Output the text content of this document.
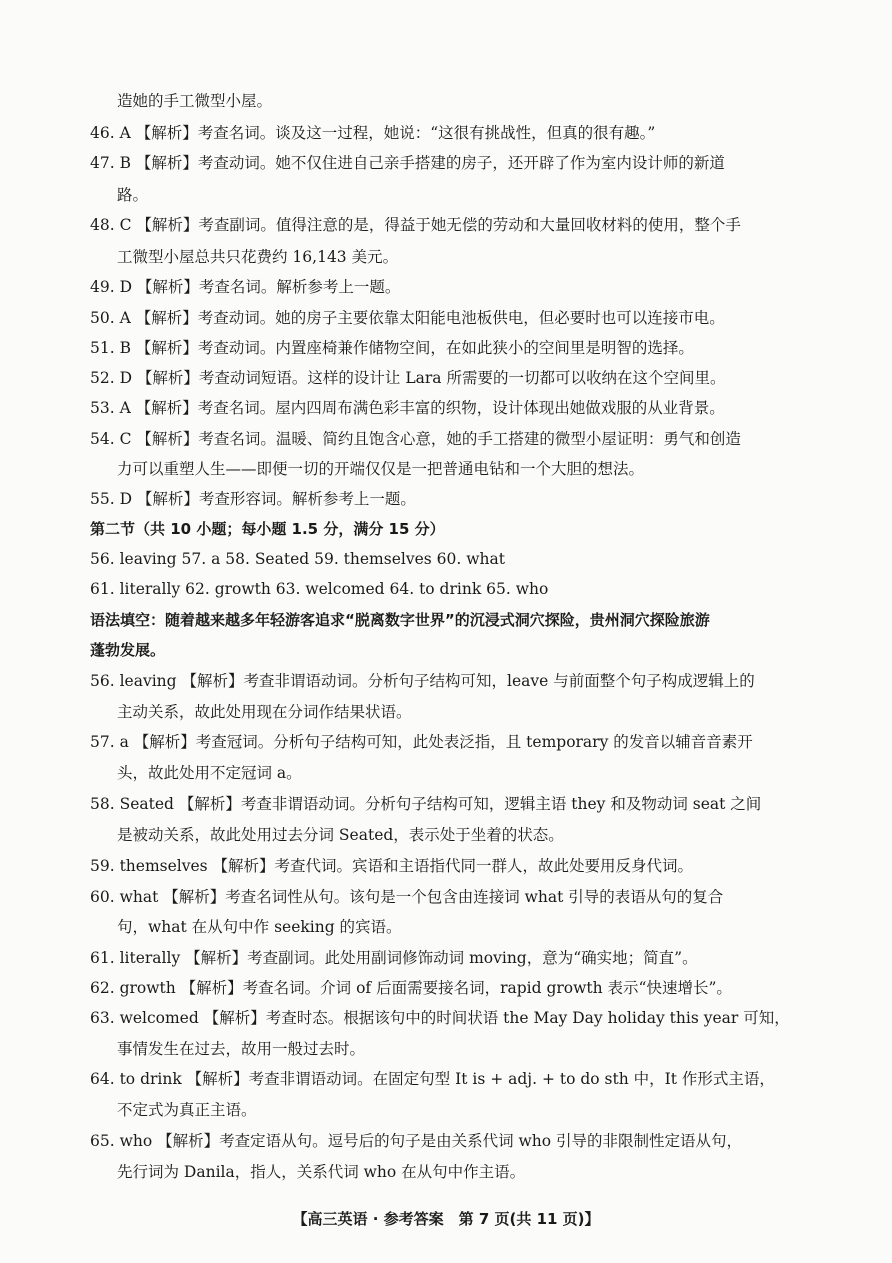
造她的手工微型小屋。
46. A 【解析】考查名词。谈及这一过程，她说：“这很有挑战性，但真的很有趣。”
47. B 【解析】考查动词。她不仅住进自己亲手搭建的房子，还开辟了作为室内设计师的新道
路。
48. C 【解析】考查副词。值得注意的是，得益于她无偿的劳动和大量回收材料的使用，整个手
工微型小屋总共只花费约 16,143 美元。
49. D 【解析】考查名词。解析参考上一题。
50. A 【解析】考查动词。她的房子主要依靠太阳能电池板供电，但必要时也可以连接市电。
51. B 【解析】考查动词。内置座椅兼作储物空间，在如此狭小的空间里是明智的选择。
52. D 【解析】考查动词短语。这样的设计让 Lara 所需要的一切都可以收纳在这个空间里。
53. A 【解析】考查名词。屋内四周布满色彩丰富的织物，设计体现出她做戏服的从业背景。
54. C 【解析】考查名词。温暖、简约且饱含心意，她的手工搭建的微型小屋证明：勇气和创造
力可以重塑人生——即便一切的开端仅仅是一把普通电钻和一个大胆的想法。
55. D 【解析】考查形容词。解析参考上一题。
第二节（共 10 小题；每小题 1.5 分，满分 15 分）
56. leaving 57. a 58. Seated 59. themselves 60. what
61. literally 62. growth 63. welcomed 64. to drink 65. who
语法填空：随着越来越多年轻游客追求“脱离数字世界”的沉浸式洞穴探险，贵州洞穴探险旅游
蓬勃发展。
56. leaving 【解析】考查非谓语动词。分析句子结构可知，leave 与前面整个句子构成逻辑上的
主动关系，故此处用现在分词作结果状语。
57. a 【解析】考查冠词。分析句子结构可知，此处表泛指，且 temporary 的发音以辅音音素开
头，故此处用不定冠词 a。
58. Seated 【解析】考查非谓语动词。分析句子结构可知，逻辑主语 they 和及物动词 seat 之间
是被动关系，故此处用过去分词 Seated，表示处于坐着的状态。
59. themselves 【解析】考查代词。宾语和主语指代同一群人，故此处要用反身代词。
60. what 【解析】考查名词性从句。该句是一个包含由连接词 what 引导的表语从句的复合
句，what 在从句中作 seeking 的宾语。
61. literally 【解析】考查副词。此处用副词修饰动词 moving，意为“确实地；简直”。
62. growth 【解析】考查名词。介词 of 后面需要接名词，rapid growth 表示“快速增长”。
63. welcomed 【解析】考查时态。根据该句中的时间状语 the May Day holiday this year 可知，
事情发生在过去，故用一般过去时。
64. to drink 【解析】考查非谓语动词。在固定句型 It is + adj. + to do sth 中，It 作形式主语，
不定式为真正主语。
65. who 【解析】考查定语从句。逗号后的句子是由关系代词 who 引导的非限制性定语从句，
先行词为 Danila，指人，关系代词 who 在从句中作主语。
【高三英语 · 参考答案　第 7 页(共 11 页)】
